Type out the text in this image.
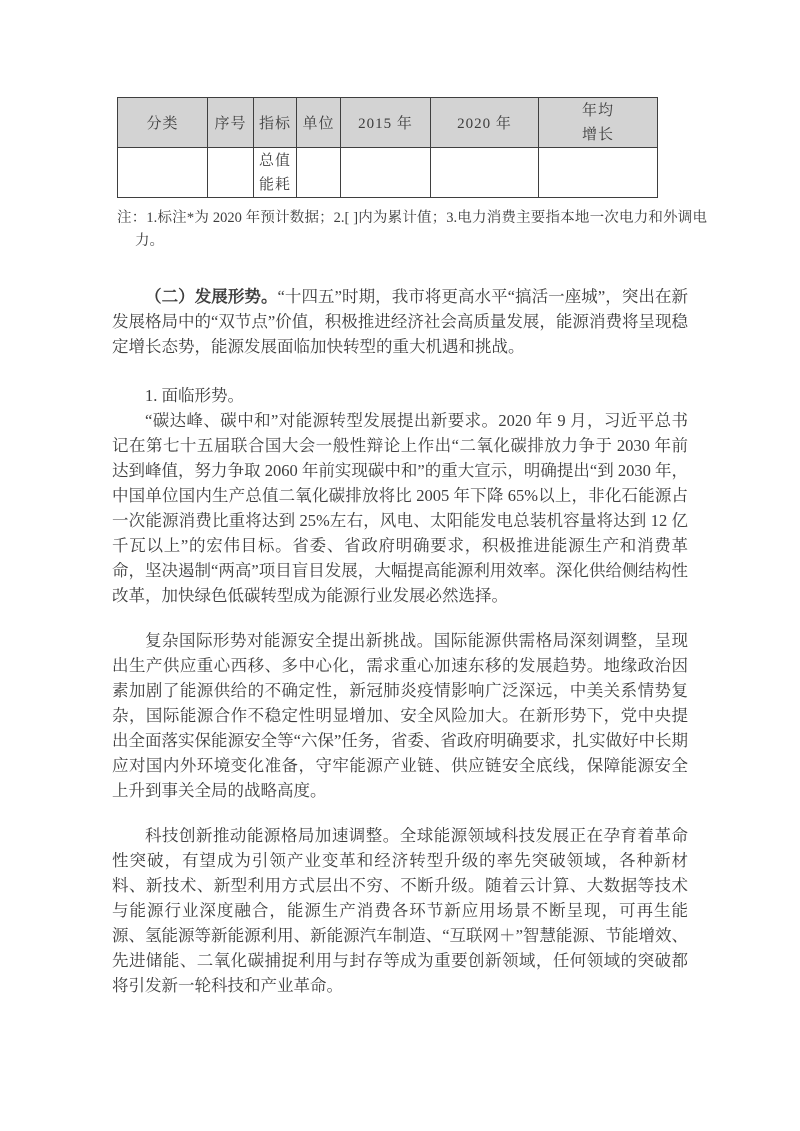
分类	序号	指标	单位	2015 年	2020 年	年均增长
		总值能耗				

注：1.标注*为 2020 年预计数据；2.[ ]内为累计值；3.电力消费主要指本地一次电力和外调电力。

（二）发展形势。“十四五”时期，我市将更高水平“搞活一座城”，突出在新发展格局中的“双节点”价值，积极推进经济社会高质量发展，能源消费将呈现稳定增长态势，能源发展面临加快转型的重大机遇和挑战。

1. 面临形势。

“碳达峰、碳中和”对能源转型发展提出新要求。2020 年 9 月，习近平总书记在第七十五届联合国大会一般性辩论上作出“二氧化碳排放力争于 2030 年前达到峰值，努力争取 2060 年前实现碳中和”的重大宣示，明确提出“到 2030 年，中国单位国内生产总值二氧化碳排放将比 2005 年下降 65%以上，非化石能源占一次能源消费比重将达到 25%左右，风电、太阳能发电总装机容量将达到 12 亿千瓦以上”的宏伟目标。省委、省政府明确要求，积极推进能源生产和消费革命，坚决遏制“两高”项目盲目发展，大幅提高能源利用效率。深化供给侧结构性改革，加快绿色低碳转型成为能源行业发展必然选择。

复杂国际形势对能源安全提出新挑战。国际能源供需格局深刻调整，呈现出生产供应重心西移、多中心化，需求重心加速东移的发展趋势。地缘政治因素加剧了能源供给的不确定性，新冠肺炎疫情影响广泛深远，中美关系情势复杂，国际能源合作不稳定性明显增加、安全风险加大。在新形势下，党中央提出全面落实保能源安全等“六保”任务，省委、省政府明确要求，扎实做好中长期应对国内外环境变化准备，守牢能源产业链、供应链安全底线，保障能源安全上升到事关全局的战略高度。

科技创新推动能源格局加速调整。全球能源领域科技发展正在孕育着革命性突破，有望成为引领产业变革和经济转型升级的率先突破领域，各种新材料、新技术、新型利用方式层出不穷、不断升级。随着云计算、大数据等技术与能源行业深度融合，能源生产消费各环节新应用场景不断呈现，可再生能源、氢能源等新能源利用、新能源汽车制造、“互联网＋”智慧能源、节能增效、先进储能、二氧化碳捕捉利用与封存等成为重要创新领域，任何领域的突破都将引发新一轮科技和产业革命。
